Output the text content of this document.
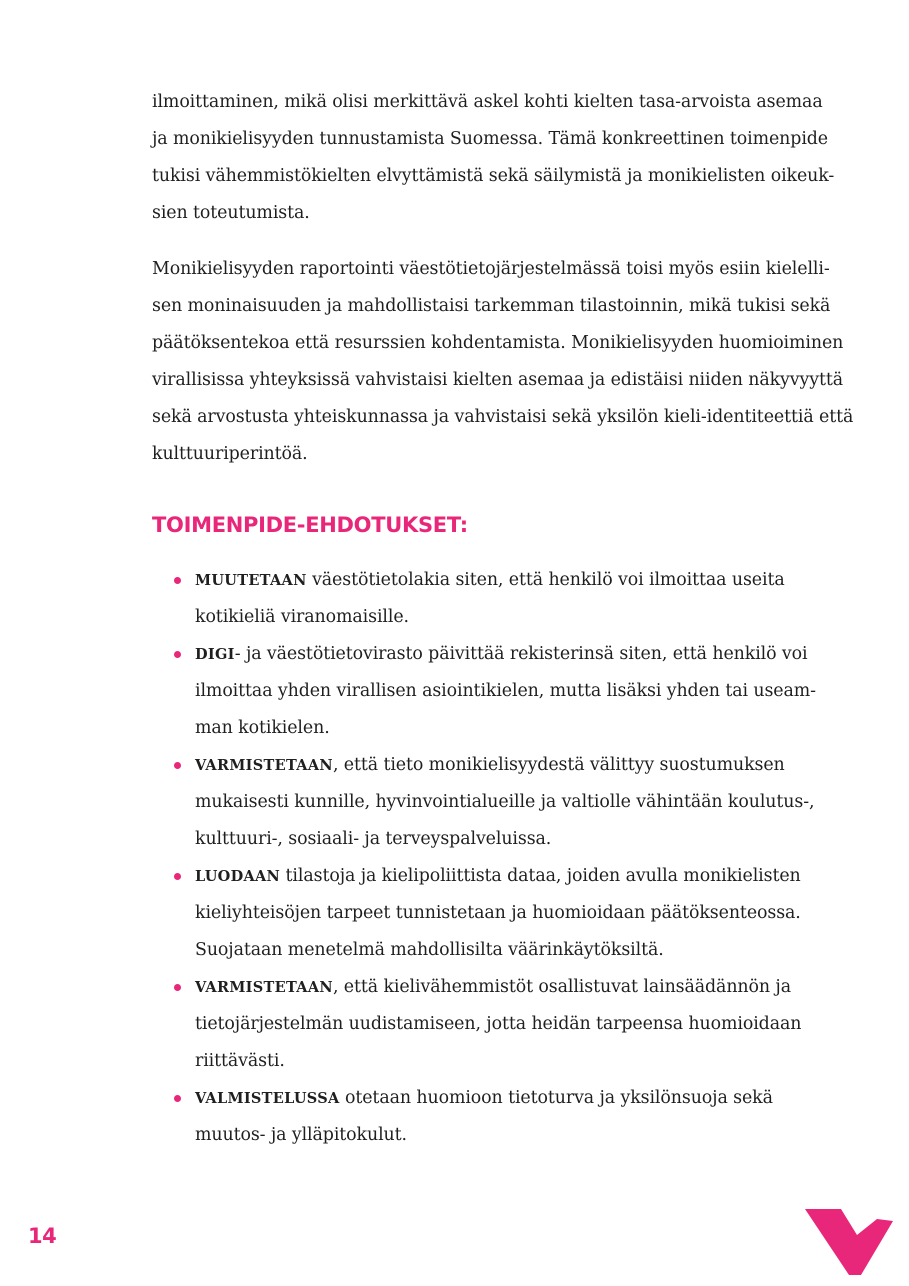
ilmoittaminen, mikä olisi merkittävä askel kohti kielten tasa-arvoista asemaa
ja monikielisyyden tunnustamista Suomessa. Tämä konkreettinen toimenpide
tukisi vähemmistökielten elvyttämistä sekä säilymistä ja monikielisten oikeuk-
sien toteutumista.
Monikielisyyden raportointi väestötietojärjestelmässä toisi myös esiin kielelli-
sen moninaisuuden ja mahdollistaisi tarkemman tilastoinnin, mikä tukisi sekä
päätöksentekoa että resurssien kohdentamista. Monikielisyyden huomioiminen
virallisissa yhteyksissä vahvistaisi kielten asemaa ja edistäisi niiden näkyvyyttä
sekä arvostusta yhteiskunnassa ja vahvistaisi sekä yksilön kieli-identiteettiä että
kulttuuriperintöä.
TOIMENPIDE-EHDOTUKSET:
MUUTETAAN väestötietolakia siten, että henkilö voi ilmoittaa useita
kotikieliä viranomaisille.
DIGI- ja väestötietovirasto päivittää rekisterinsä siten, että henkilö voi
ilmoittaa yhden virallisen asiointikielen, mutta lisäksi yhden tai useam-
man kotikielen.
VARMISTETAAN, että tieto monikielisyydestä välittyy suostumuksen
mukaisesti kunnille, hyvinvointialueille ja valtiolle vähintään koulutus-,
kulttuuri-, sosiaali- ja terveyspalveluissa.
LUODAAN tilastoja ja kielipoliittista dataa, joiden avulla monikielisten
kieliyhteisöjen tarpeet tunnistetaan ja huomioidaan päätöksenteossa.
Suojataan menetelmä mahdollisilta väärinkäytöksiltä.
VARMISTETAAN, että kielivähemmistöt osallistuvat lainsäädännön ja
tietojärjestelmän uudistamiseen, jotta heidän tarpeensa huomioidaan
riittävästi.
VALMISTELUSSA otetaan huomioon tietoturva ja yksilönsuoja sekä
muutos- ja ylläpitokulut.
14
